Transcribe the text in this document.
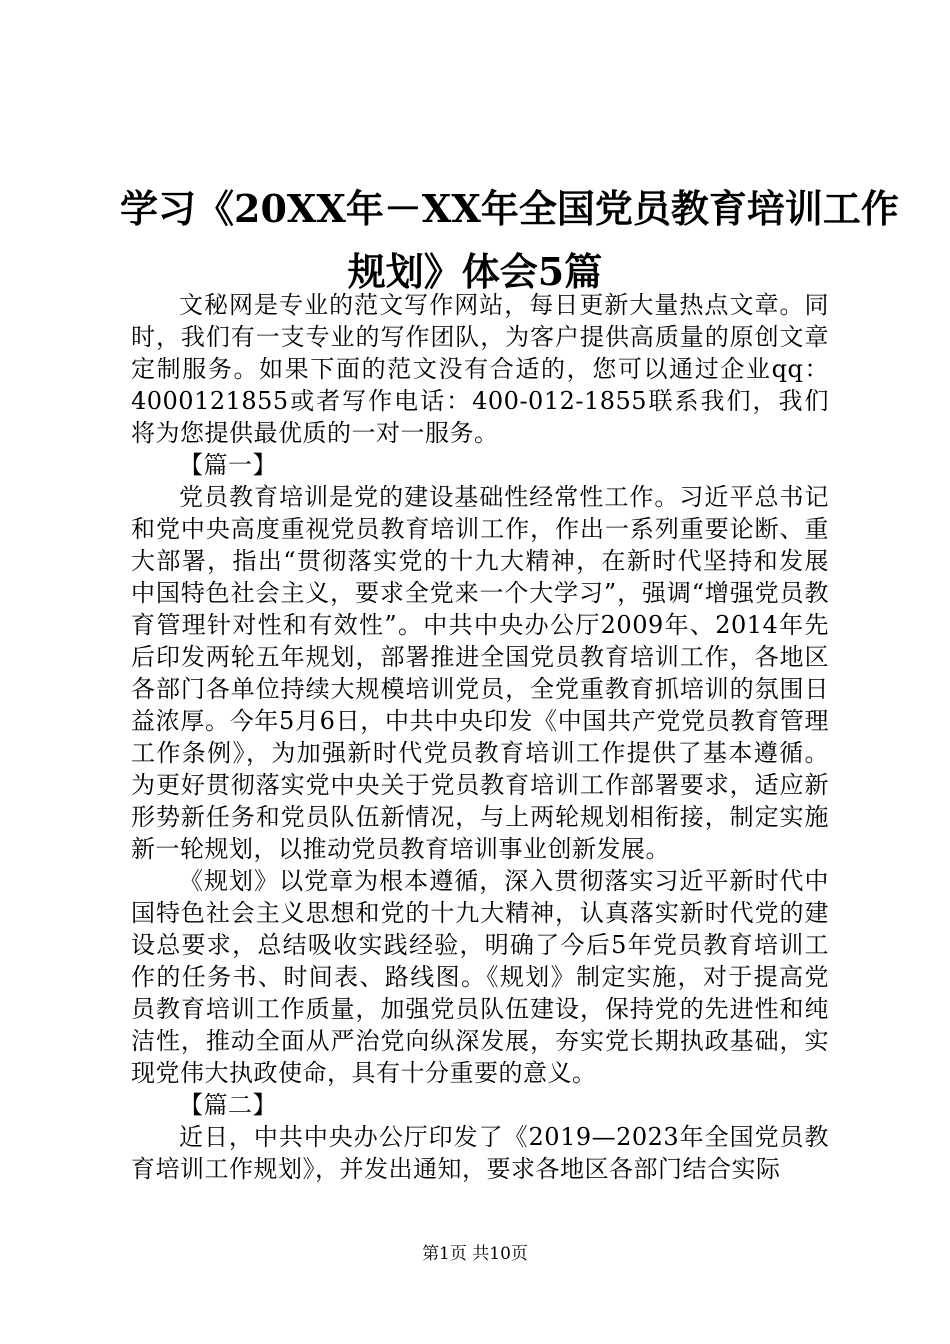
学习《20XX年－XX年全国党员教育培训工作
规划》体会5篇

文秘网是专业的范文写作网站，每日更新大量热点文章。同时，我们有一支专业的写作团队，为客户提供高质量的原创文章定制服务。如果下面的范文没有合适的，您可以通过企业qq：4000121855或者写作电话：400-012-1855联系我们，我们将为您提供最优质的一对一服务。

【篇一】

党员教育培训是党的建设基础性经常性工作。习近平总书记和党中央高度重视党员教育培训工作，作出一系列重要论断、重大部署，指出“贯彻落实党的十九大精神，在新时代坚持和发展中国特色社会主义，要求全党来一个大学习”，强调“增强党员教育管理针对性和有效性”。中共中央办公厅2009年、2014年先后印发两轮五年规划，部署推进全国党员教育培训工作，各地区各部门各单位持续大规模培训党员，全党重教育抓培训的氛围日益浓厚。今年5月6日，中共中央印发《中国共产党党员教育管理工作条例》，为加强新时代党员教育培训工作提供了基本遵循。为更好贯彻落实党中央关于党员教育培训工作部署要求，适应新形势新任务和党员队伍新情况，与上两轮规划相衔接，制定实施新一轮规划，以推动党员教育培训事业创新发展。

《规划》以党章为根本遵循，深入贯彻落实习近平新时代中国特色社会主义思想和党的十九大精神，认真落实新时代党的建设总要求，总结吸收实践经验，明确了今后5年党员教育培训工作的任务书、时间表、路线图。《规划》制定实施，对于提高党员教育培训工作质量，加强党员队伍建设，保持党的先进性和纯洁性，推动全面从严治党向纵深发展，夯实党长期执政基础，实现党伟大执政使命，具有十分重要的意义。

【篇二】

近日，中共中央办公厅印发了《2019—2023年全国党员教育培训工作规划》，并发出通知，要求各地区各部门结合实际

第1页 共10页
